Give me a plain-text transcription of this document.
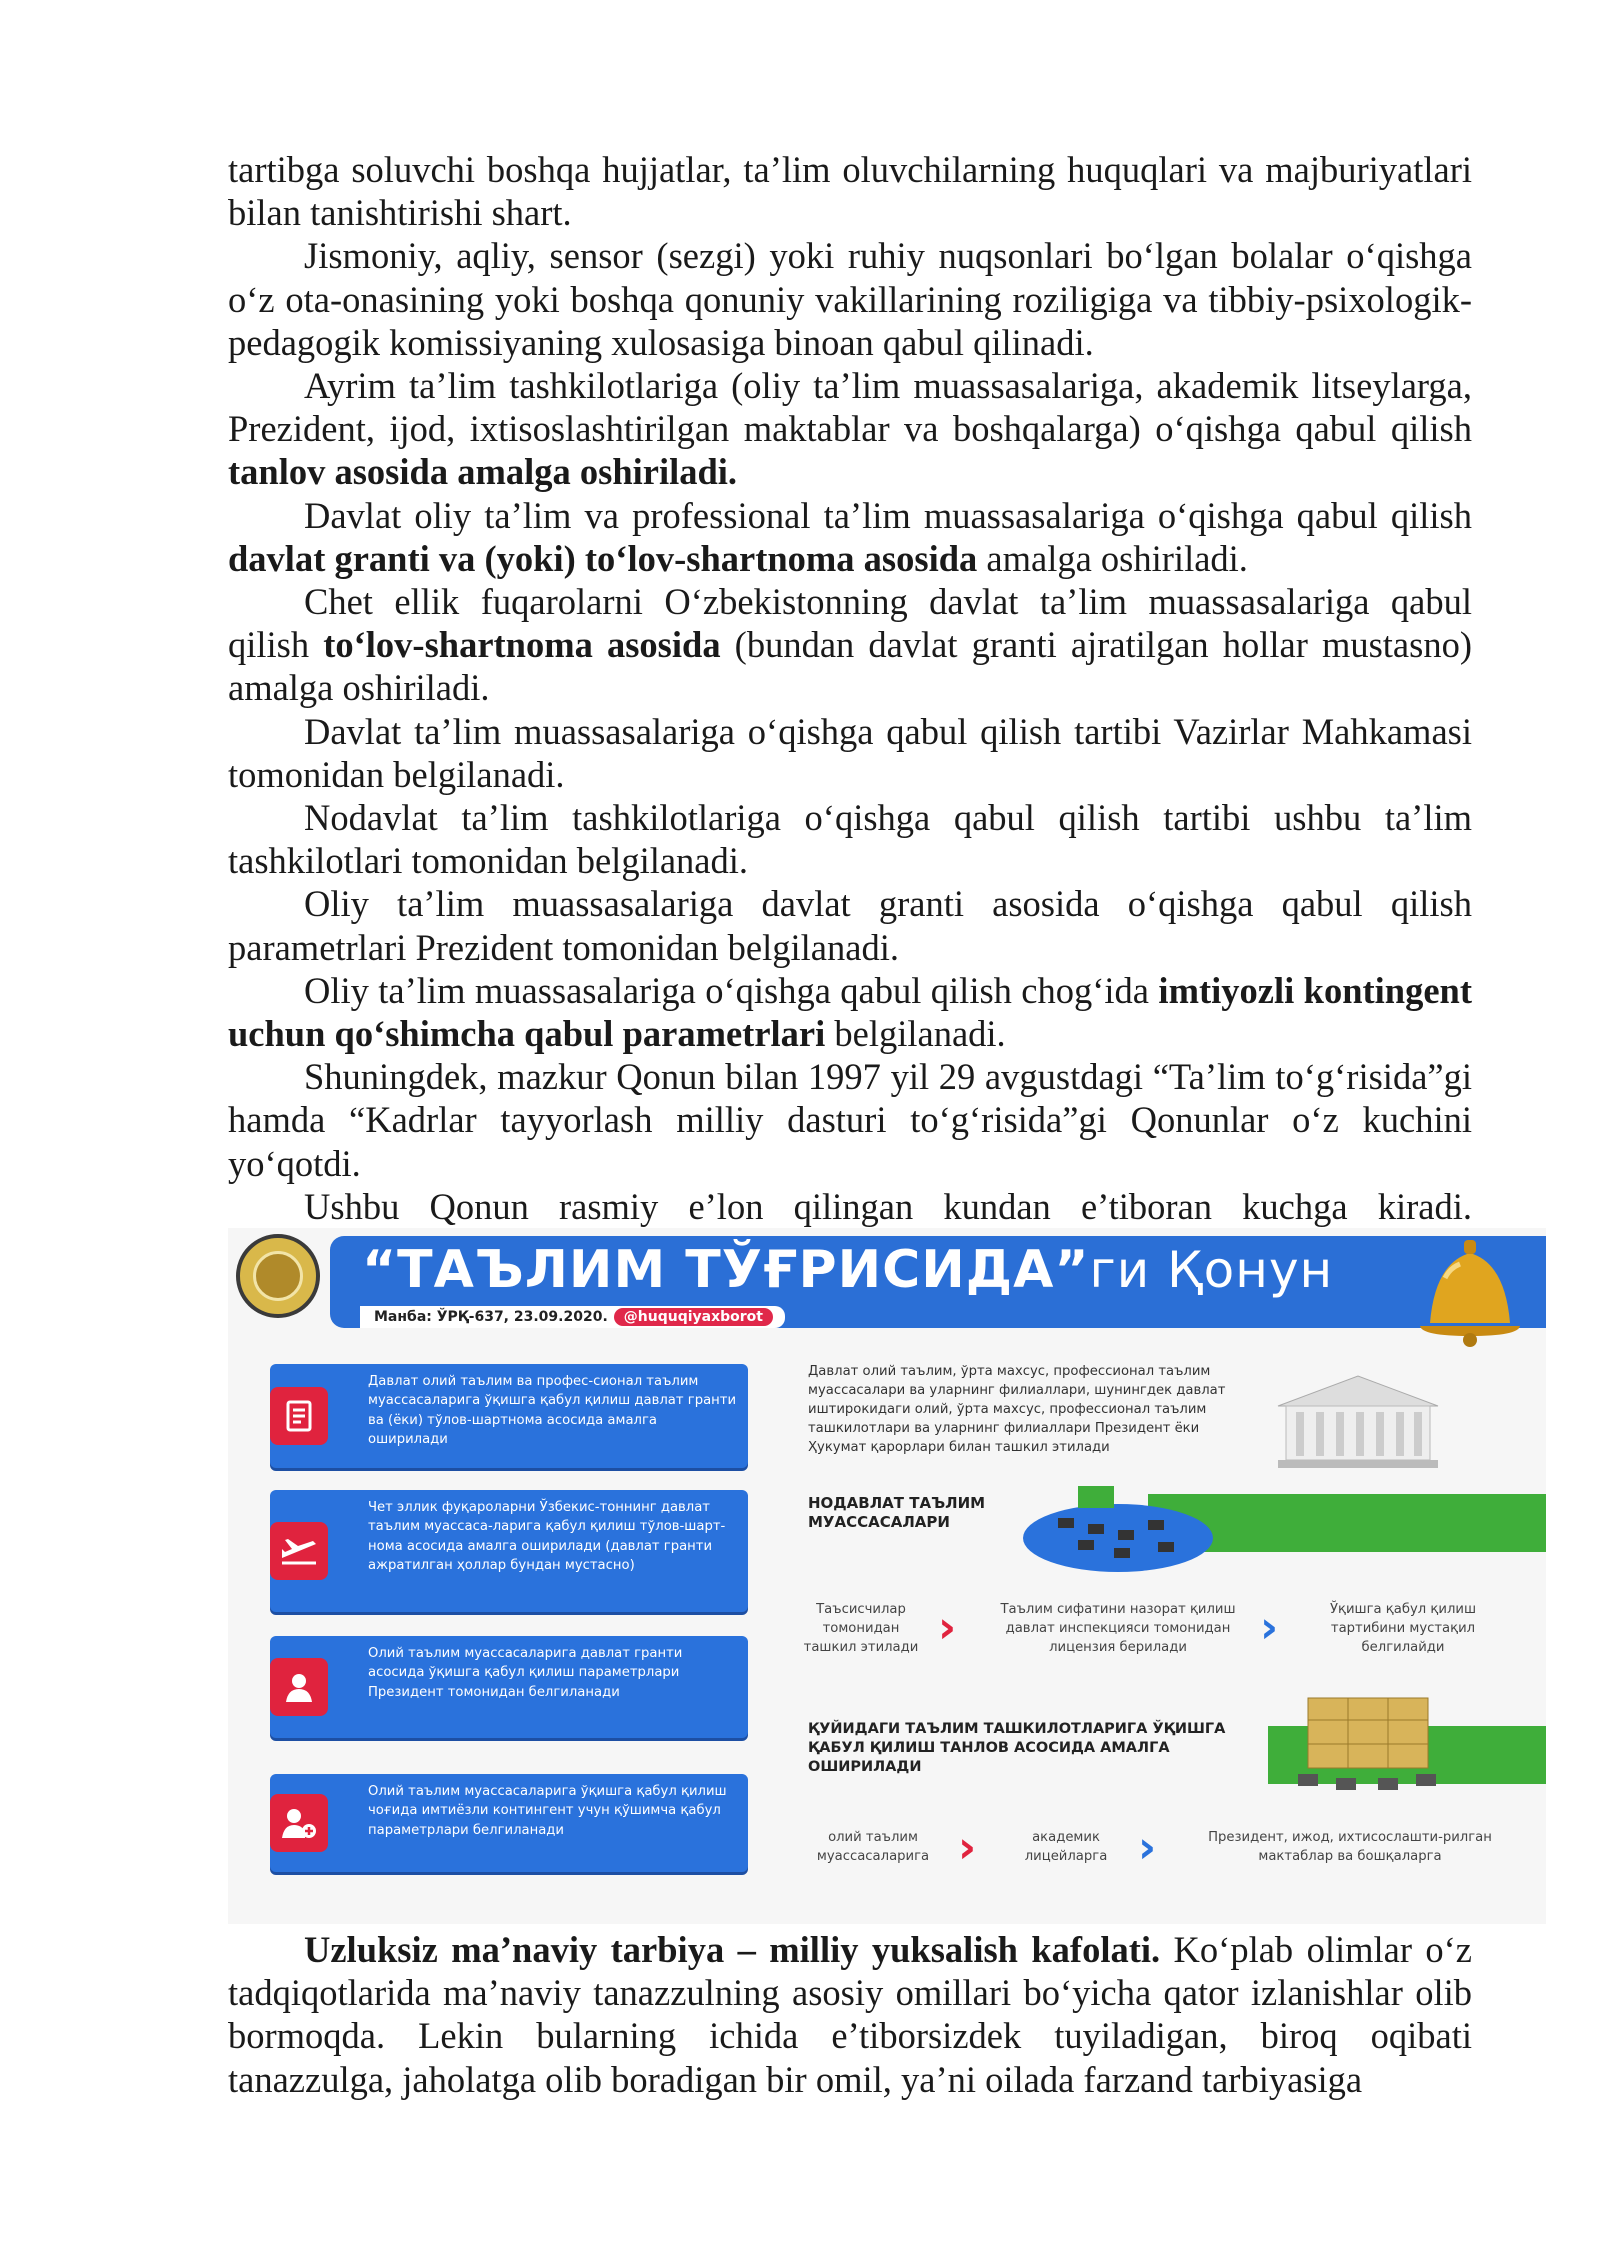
tartibga soluvchi boshqa hujjatlar, ta’lim oluvchilarning huquqlari va majburiyatlari bilan tanishtirishi shart.

Jismoniy, aqliy, sensor (sezgi) yoki ruhiy nuqsonlari bo‘lgan bolalar o‘qishga o‘z ota-onasining yoki boshqa qonuniy vakillarining roziligiga va tibbiy-psixologik-pedagogik komissiyaning xulosasiga binoan qabul qilinadi.

Ayrim ta’lim tashkilotlariga (oliy ta’lim muassasalariga, akademik litseylarga, Prezident, ijod, ixtisoslashtirilgan maktablar va boshqalarga) o‘qishga qabul qilish tanlov asosida amalga oshiriladi.

Davlat oliy ta’lim va professional ta’lim muassasalariga o‘qishga qabul qilish davlat granti va (yoki) to‘lov-shartnoma asosida amalga oshiriladi.

Chet ellik fuqarolarni O‘zbekistonning davlat ta’lim muassasalariga qabul qilish to‘lov-shartnoma asosida (bundan davlat granti ajratilgan hollar mustasno) amalga oshiriladi.

Davlat ta’lim muassasalariga o‘qishga qabul qilish tartibi Vazirlar Mahkamasi tomonidan belgilanadi.

Nodavlat ta’lim tashkilotlariga o‘qishga qabul qilish tartibi ushbu ta’lim tashkilotlari tomonidan belgilanadi.

Oliy ta’lim muassasalariga davlat granti asosida o‘qishga qabul qilish parametrlari Prezident tomonidan belgilanadi.

Oliy ta’lim muassasalariga o‘qishga qabul qilish chog‘ida imtiyozli kontingent uchun qo‘shimcha qabul parametrlari belgilanadi.

Shuningdek, mazkur Qonun bilan 1997 yil 29 avgustdagi “Ta’lim to‘g‘risida”gi hamda “Kadrlar tayyorlash milliy dasturi to‘g‘risida”gi Qonunlar o‘z kuchini yo‘qotdi.

Ushbu Qonun rasmiy e’lon qilingan kundan e’tiboran kuchga kiradi.

“ТАЪЛИМ ТЎҒРИСИДА”ги Қонун
Манба: ЎРҚ-637, 23.09.2020. @huquqiyaxborot
Давлат олий таълим ва профес-сионал таълим муассасаларига ўқишга қабул қилиш давлат гранти ва (ёки) тўлов-шартнома асосида амалга оширилади
Чет эллик фуқароларни Ўзбекис-тоннинг давлат таълим муассаса-ларига қабул қилиш тўлов-шарт-нома асосида амалга оширилади (давлат гранти ажратилган ҳоллар бундан мустасно)
Олий таълим муассасаларига давлат гранти асосида ўқишга қабул қилиш параметрлари Президент томонидан белгиланади
Олий таълим муассасаларига ўқишга қабул қилиш чоғида имтиёзли контингент учун қўшимча қабул параметрлари белгиланади
Давлат олий таълим, ўрта махсус, профессионал таълим муассасалари ва уларнинг филиаллари, шунингдек давлат иштирокидаги олий, ўрта махсус, профессионал таълим ташкилотлари ва уларнинг филиаллари Президент ёки Ҳукумат қарорлари билан ташкил этилади
НОДАВЛАТ ТАЪЛИМ МУАССАСАЛАРИ
Таъсисчилар томонидан ташкил этилади ›	Таълим сифатини назорат қилиш давлат инспекцияси томонидан лицензия берилади	›	Ўқишга қабул қилиш тартибини мустақил белгилайди
ҚУЙИДАГИ ТАЪЛИМ ТАШКИЛОТЛАРИГА ЎҚИШГА ҚАБУЛ ҚИЛИШ ТАНЛОВ АСОСИДА АМАЛГА ОШИРИЛАДИ
олий таълим муассасаларига ›	академик лицейларга ›	Президент, ижод, ихтисослашти-рилган мактаблар ва бошқаларга

Uzluksiz ma’naviy tarbiya – milliy yuksalish kafolati. Ko‘plab olimlar o‘z tadqiqotlarida ma’naviy tanazzulning asosiy omillari bo‘yicha qator izlanishlar olib bormoqda. Lekin bularning ichida e’tiborsizdek tuyiladigan, biroq oqibati tanazzulga, jaholatga olib boradigan bir omil, ya’ni oilada farzand tarbiyasiga
